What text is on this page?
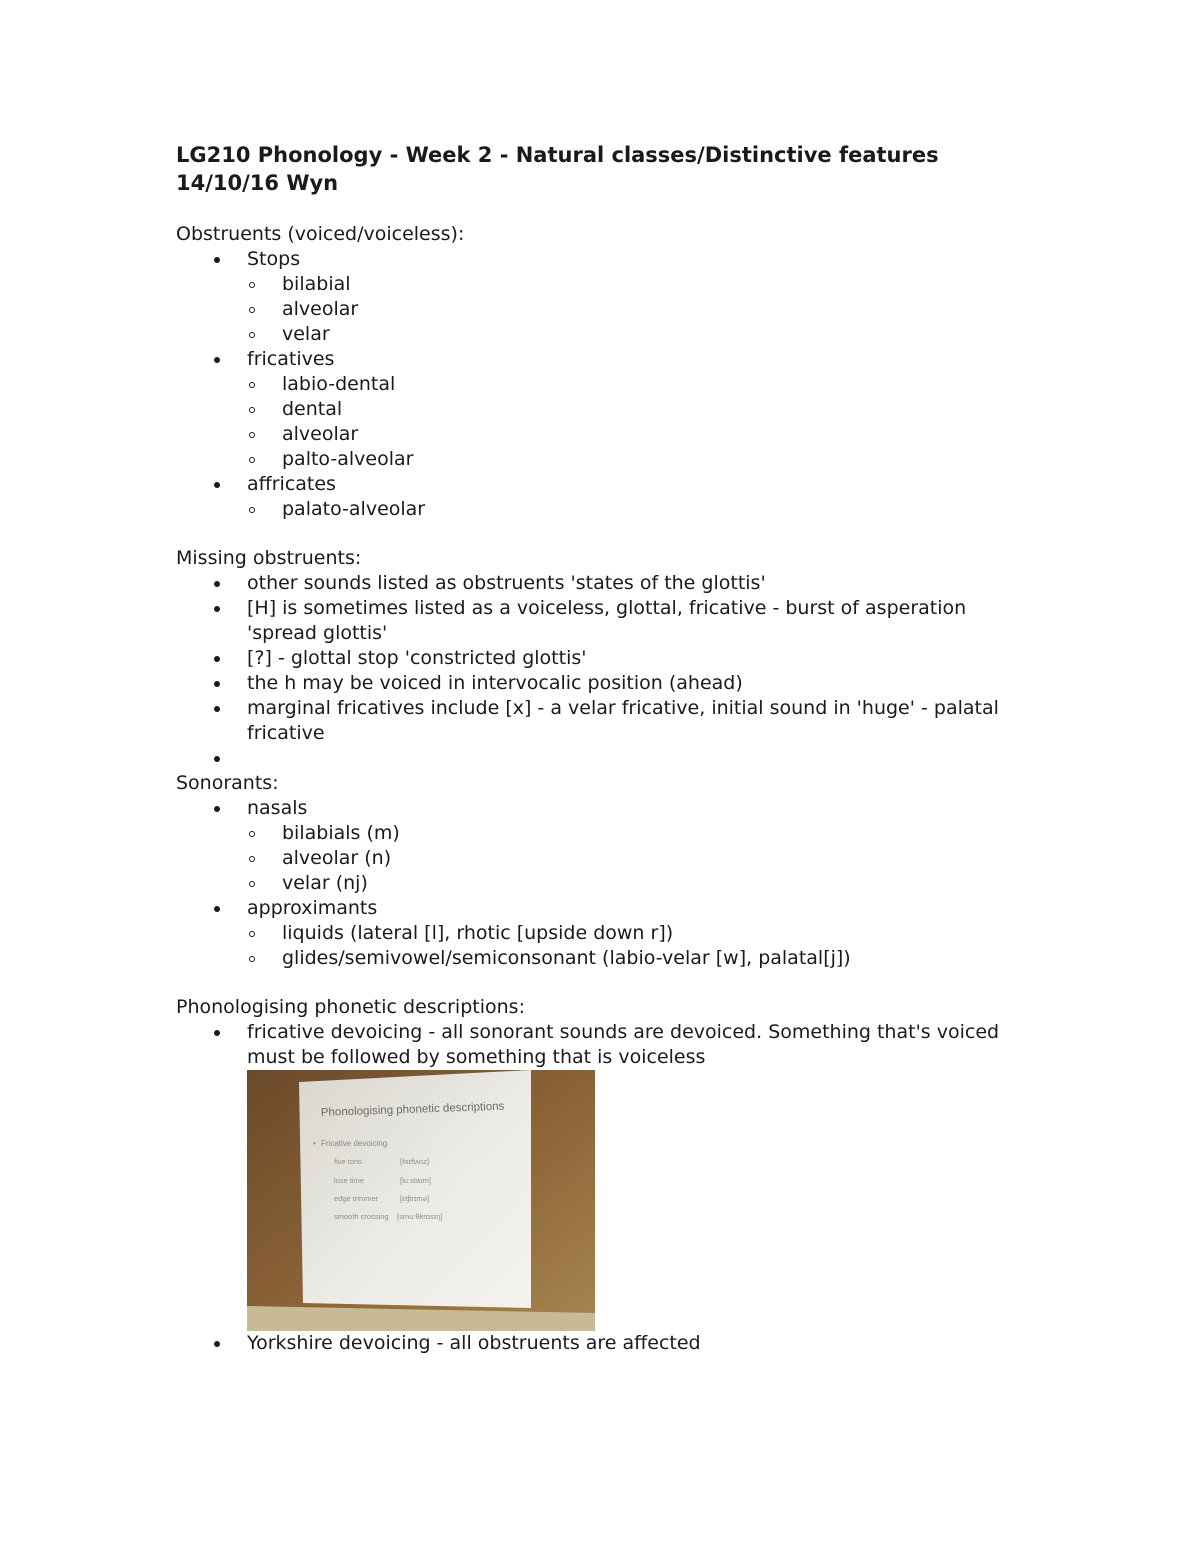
LG210 Phonology - Week 2 - Natural classes/Distinctive features
14/10/16 Wyn

Obstruents (voiced/voiceless):

Stops
bilabial
alveolar
velar
fricatives
labio-dental
dental
alveolar
palto-alveolar
affricates
palato-alveolar

Missing obstruents:

other sounds listed as obstruents 'states of the glottis'
[H] is sometimes listed as a voiceless, glottal, fricative - burst of asperation 'spread glottis'
[?] - glottal stop 'constricted glottis'
the h may be voiced in intervocalic position (ahead)
marginal fricatives include [x] - a velar fricative, initial sound in 'huge' - palatal fricative

Sonorants:

nasals
bilabials (m)
alveolar (n)
velar (nj)
approximants
liquids (lateral [l], rhotic [upside down r])
glides/semivowel/semiconsonant (labio-velar [w], palatal[j])

Phonologising phonetic descriptions:

fricative devoicing - all sonorant sounds are devoiced. Something that's voiced must be followed by something that is voiceless
Phonologising phonetic descriptions
• Fricative devoicing
five tons	[faɪftʌnz]
lose time	[luːstaɪm]
edge trimmer	[ɛtʃtrɪmə]
smooth crossing [smuːθkrɒsɪŋ]
Yorkshire devoicing - all obstruents are affected
